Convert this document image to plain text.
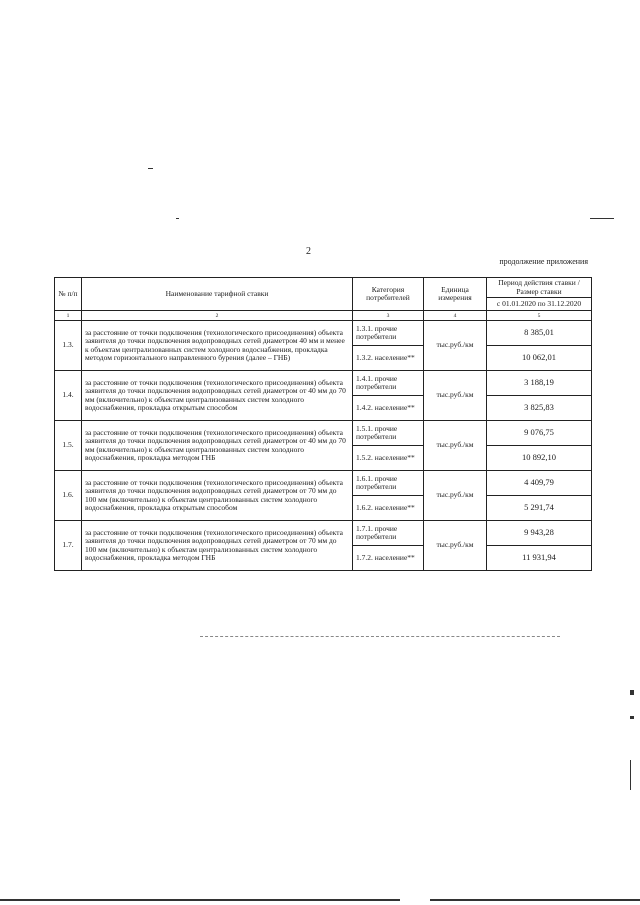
2
продолжение приложения
№ п/п	Наименование тарифной ставки	Категория потребителей	Единица измерения	Период действия ставки /Размер ставки
				с 01.01.2020 по 31.12.2020
1	2	3	4	5
1.3.	за расстояние от точки подключения (технологического присоединения) объекта заявителя до точки подключения водопроводных сетей диаметром 40 мм и менее к объектам централизованных систем холодного водоснабжения, прокладка методом горизонтального направленного бурения (далее – ГНБ)	1.3.1. прочие потребители	тыс.руб./км	8 385,01
		1.3.2. население**		10 062,01
1.4.	за расстояние от точки подключения (технологического присоединения) объекта заявителя до точки подключения водопроводных сетей диаметром от 40 мм до 70 мм (включительно) к объектам централизованных систем холодного водоснабжения, прокладка открытым способом	1.4.1. прочие потребители	тыс.руб./км	3 188,19
		1.4.2. население**		3 825,83
1.5.	за расстояние от точки подключения (технологического присоединения) объекта заявителя до точки подключения водопроводных сетей диаметром от 40 мм до 70 мм (включительно) к объектам централизованных систем холодного водоснабжения, прокладка методом ГНБ	1.5.1. прочие потребители	тыс.руб./км	9 076,75
		1.5.2. население**		10 892,10
1.6.	за расстояние от точки подключения (технологического присоединения) объекта заявителя до точки подключения водопроводных сетей диаметром от 70 мм до 100 мм (включительно) к объектам централизованных систем холодного водоснабжения, прокладка открытым способом	1.6.1. прочие потребители	тыс.руб./км	4 409,79
		1.6.2. население**		5 291,74
1.7.	за расстояние от точки подключения (технологического присоединения) объекта заявителя до точки подключения водопроводных сетей диаметром от 70 мм до 100 мм (включительно) к объектам централизованных систем холодного водоснабжения, прокладка методом ГНБ	1.7.1. прочие потребители	тыс.руб./км	9 943,28
		1.7.2. население**		11 931,94
